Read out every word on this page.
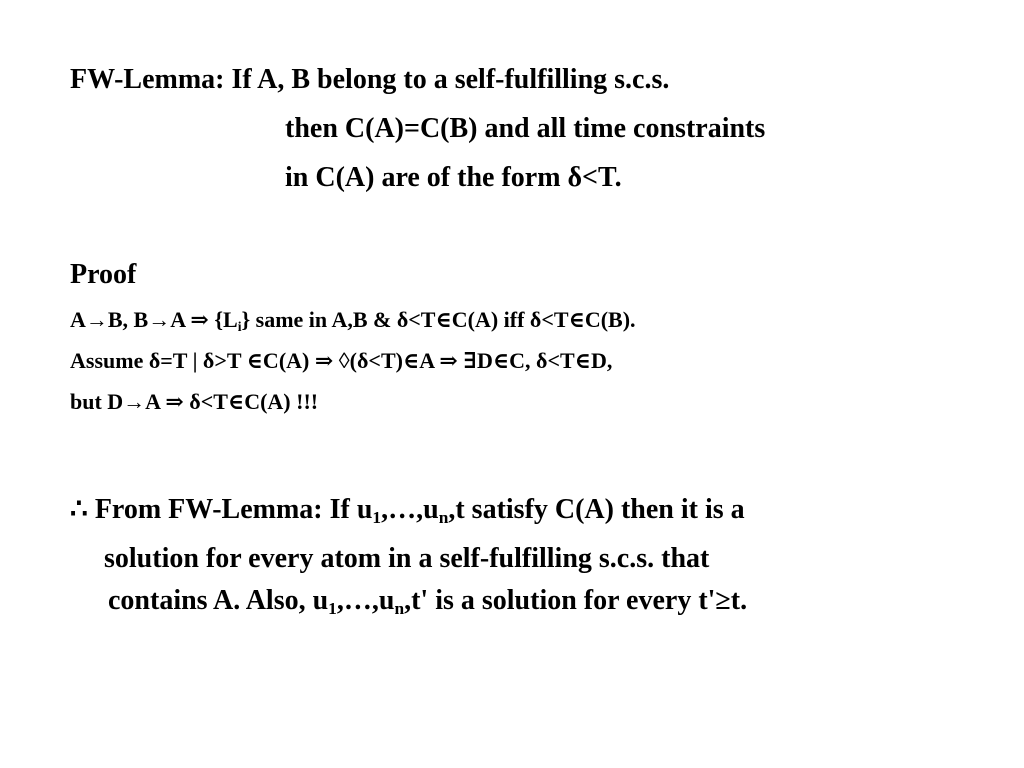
FW-Lemma: If A, B belong to a self-fulfilling s.c.s.
then C(A)=C(B) and all time constraints
in C(A) are of the form δ<T.
Proof
A→B, B→A ⇒ $\{L_i\}$ same in A,B & δ<T∈C(A) iff δ<T∈C(B).
Assume δ=T | δ>T ∈C(A) ⇒ ◊(δ<T)∈A ⇒ ∃D∈C, δ<T∈D,
but D→A ⇒ δ<T∈C(A) !!!
∴ From FW-Lemma: If $u_1,\dots,u_n,t$ satisfy C(A) then it is a
solution for every atom in a self-fulfilling s.c.s. that
contains A. Also, $u_1,\dots,u_n,t'$ is a solution for every t'≥t.
